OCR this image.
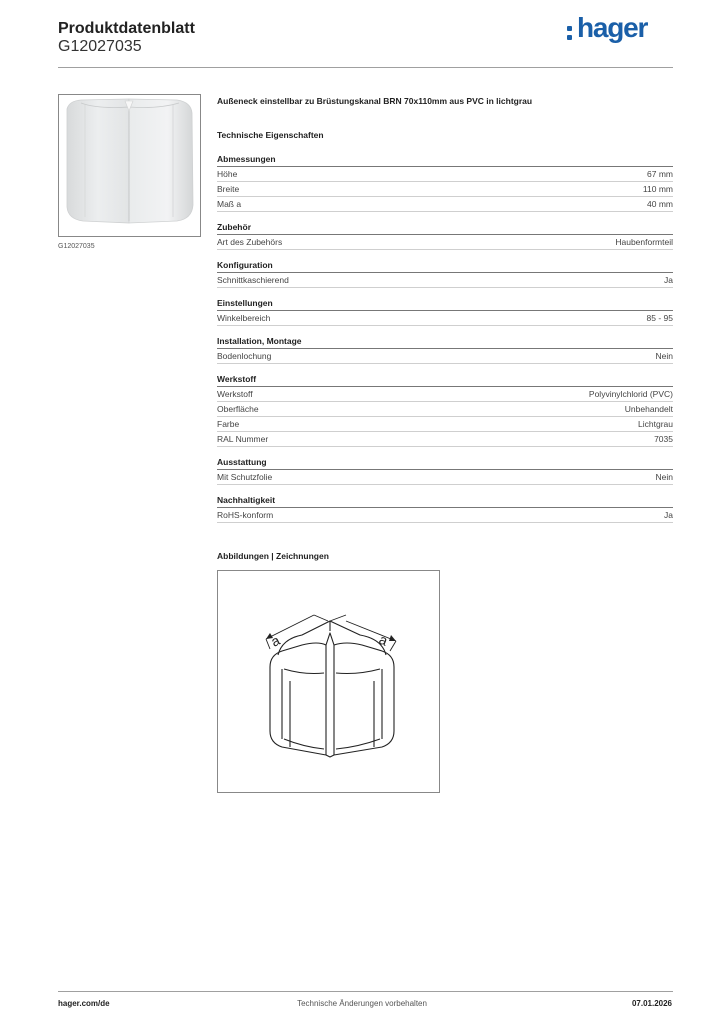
Produktdatenblatt
G12027035
hager
G12027035
Außeneck einstellbar zu Brüstungskanal BRN 70x110mm aus PVC in lichtgrau
Technische Eigenschaften
Abmessungen
Höhe	67 mm
Breite	110 mm
Maß a	40 mm
Zubehör
Art des Zubehörs	Haubenformteil
Konfiguration
Schnittkaschierend	Ja
Einstellungen
Winkelbereich	85 - 95
Installation, Montage
Bodenlochung	Nein
Werkstoff
Werkstoff	Polyvinylchlorid (PVC)
Oberfläche	Unbehandelt
Farbe	Lichtgrau
RAL Nummer	7035
Ausstattung
Mit Schutzfolie	Nein
Nachhaltigkeit
RoHS-konform	Ja
Abbildungen | Zeichnungen
a	a
hager.com/de	Technische Änderungen vorbehalten	07.01.2026
